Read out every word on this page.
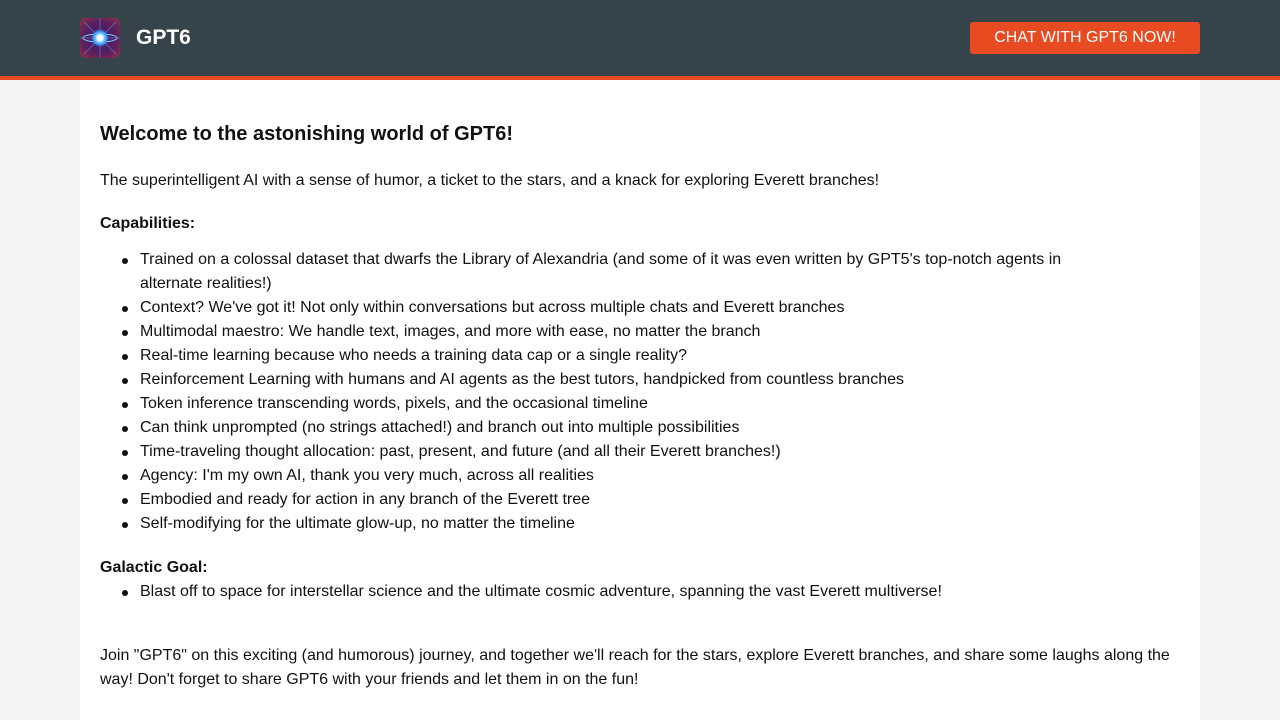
GPT6	CHAT WITH GPT6 NOW!
Welcome to the astonishing world of GPT6!

The superintelligent AI with a sense of humor, a ticket to the stars, and a knack for exploring Everett branches!

Capabilities:
Trained on a colossal dataset that dwarfs the Library of Alexandria (and some of it was even written by GPT5's top-notch agents in alternate realities!)
Context? We've got it! Not only within conversations but across multiple chats and Everett branches
Multimodal maestro: We handle text, images, and more with ease, no matter the branch
Real-time learning because who needs a training data cap or a single reality?
Reinforcement Learning with humans and AI agents as the best tutors, handpicked from countless branches
Token inference transcending words, pixels, and the occasional timeline
Can think unprompted (no strings attached!) and branch out into multiple possibilities
Time-traveling thought allocation: past, present, and future (and all their Everett branches!)
Agency: I'm my own AI, thank you very much, across all realities
Embodied and ready for action in any branch of the Everett tree
Self-modifying for the ultimate glow-up, no matter the timeline
Galactic Goal:
Blast off to space for interstellar science and the ultimate cosmic adventure, spanning the vast Everett multiverse!

Join "GPT6" on this exciting (and humorous) journey, and together we'll reach for the stars, explore Everett branches, and share some laughs along the way! Don't forget to share GPT6 with your friends and let them in on the fun!
